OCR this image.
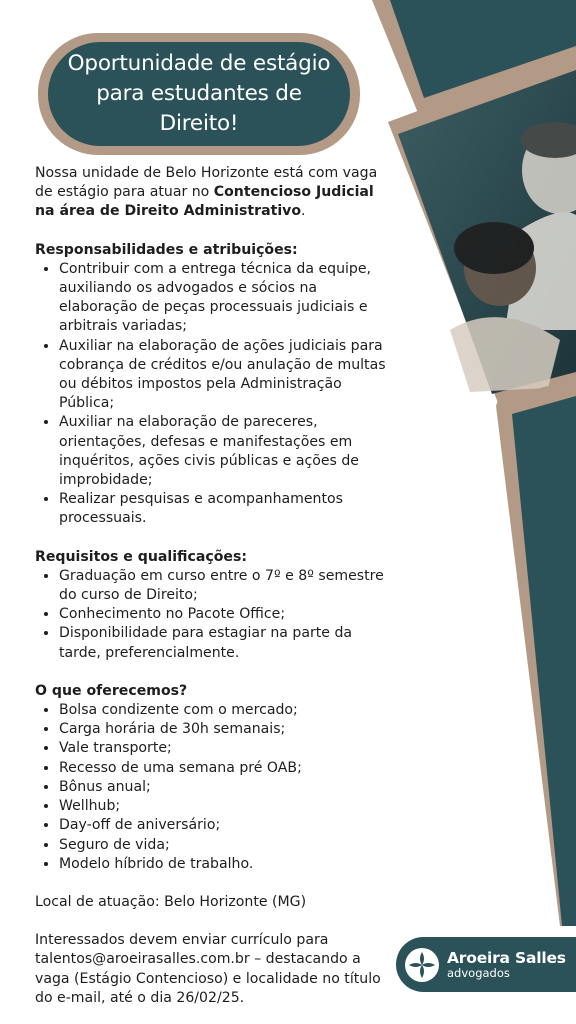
Oportunidade de estágio para estudantes de Direito!

Nossa unidade de Belo Horizonte está com vaga de estágio para atuar no Contencioso Judicial na área de Direito Administrativo.

Responsabilidades e atribuições:

• Contribuir com a entrega técnica da equipe, auxiliando os advogados e sócios na elaboração de peças processuais judiciais e arbitrais variadas;
• Auxiliar na elaboração de ações judiciais para cobrança de créditos e/ou anulação de multas ou débitos impostos pela Administração Pública;
• Auxiliar na elaboração de pareceres, orientações, defesas e manifestações em inquéritos, ações civis públicas e ações de improbidade;
• Realizar pesquisas e acompanhamentos processuais.

Requisitos e qualificações:

• Graduação em curso entre o 7º e 8º semestre do curso de Direito;
• Conhecimento no Pacote Office;
• Disponibilidade para estagiar na parte da tarde, preferencialmente.

O que oferecemos?

• Bolsa condizente com o mercado;
• Carga horária de 30h semanais;
• Vale transporte;
• Recesso de uma semana pré OAB;
• Bônus anual;
• Wellhub;
• Day-off de aniversário;
• Seguro de vida;
• Modelo híbrido de trabalho.

Local de atuação: Belo Horizonte (MG)

Interessados devem enviar currículo para talentos@aroeirasalles.com.br – destacando a vaga (Estágio Contencioso) e localidade no título do e-mail, até o dia 26/02/25.

Aroeira Salles
advogados
